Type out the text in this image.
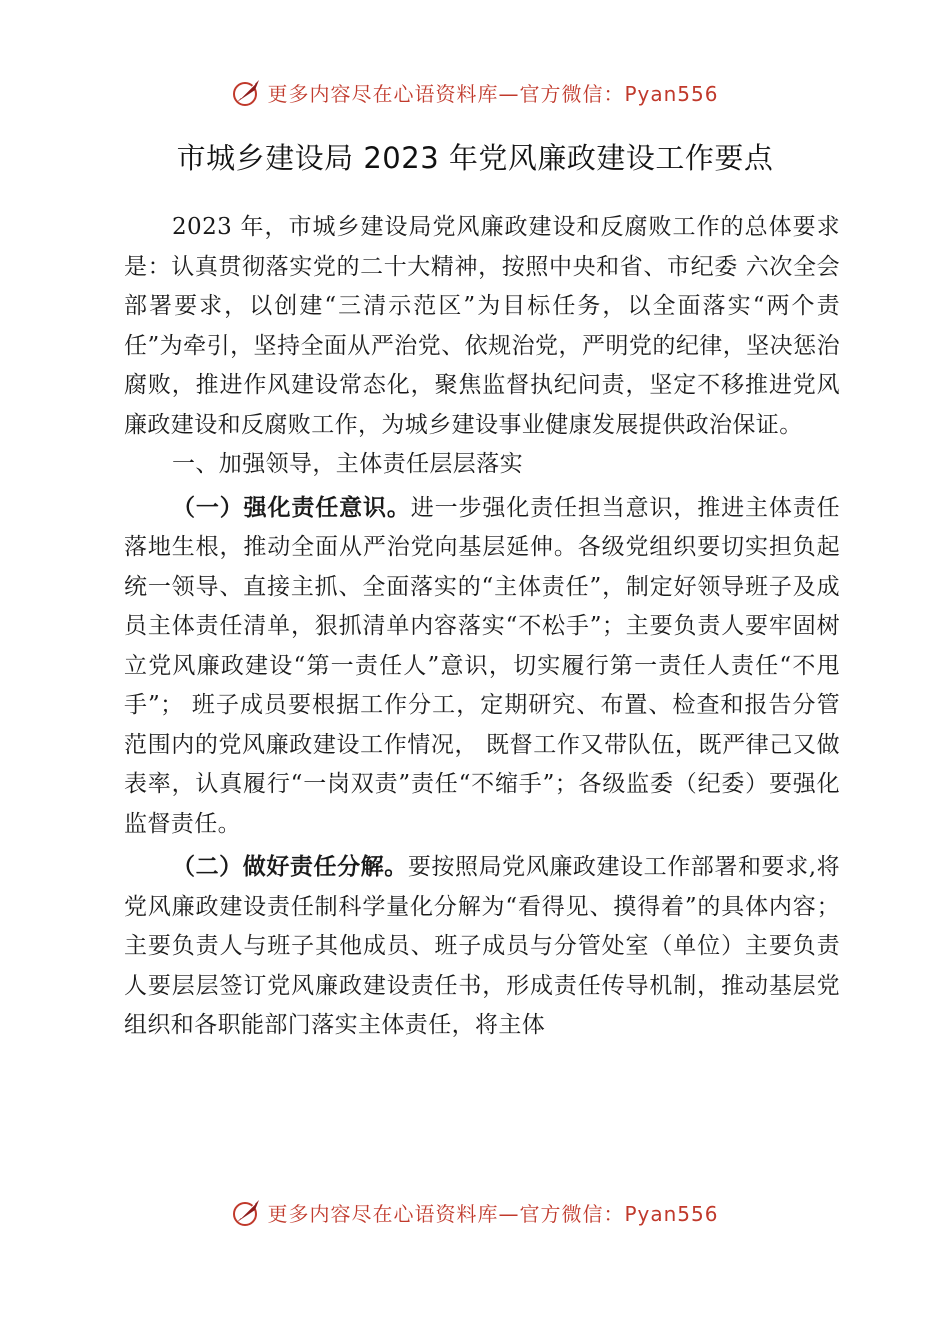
更多内容尽在心语资料库—官方微信：Pyan556
市城乡建设局 2023 年党风廉政建设工作要点

2023 年，市城乡建设局党风廉政建设和反腐败工作的总体要求是：认真贯彻落实党的二十大精神，按照中央和省、市纪委 六次全会部署要求，以创建“三清示范区”为目标任务，以全面落实“两个责任”为牵引，坚持全面从严治党、依规治党，严明党的纪律，坚决惩治腐败，推进作风建设常态化，聚焦监督执纪问责，坚定不移推进党风廉政建设和反腐败工作，为城乡建设事业健康发展提供政治保证。

一、加强领导，主体责任层层落实

（一）强化责任意识。进一步强化责任担当意识，推进主体责任落地生根，推动全面从严治党向基层延伸。各级党组织要切实担负起统一领导、直接主抓、全面落实的“主体责任”，制定好领导班子及成员主体责任清单，狠抓清单内容落实“不松手”；主要负责人要牢固树立党风廉政建设“第一责任人”意识，切实履行第一责任人责任“不甩手”； 班子成员要根据工作分工，定期研究、布置、检查和报告分管范围内的党风廉政建设工作情况， 既督工作又带队伍，既严律己又做表率，认真履行“一岗双责”责任“不缩手”；各级监委（纪委）要强化监督责任。

（二）做好责任分解。要按照局党风廉政建设工作部署和要求,将党风廉政建设责任制科学量化分解为“看得见、摸得着”的具体内容；主要负责人与班子其他成员、班子成员与分管处室（单位）主要负责人要层层签订党风廉政建设责任书，形成责任传导机制，推动基层党组织和各职能部门落实主体责任，将主体

更多内容尽在心语资料库—官方微信：Pyan556
